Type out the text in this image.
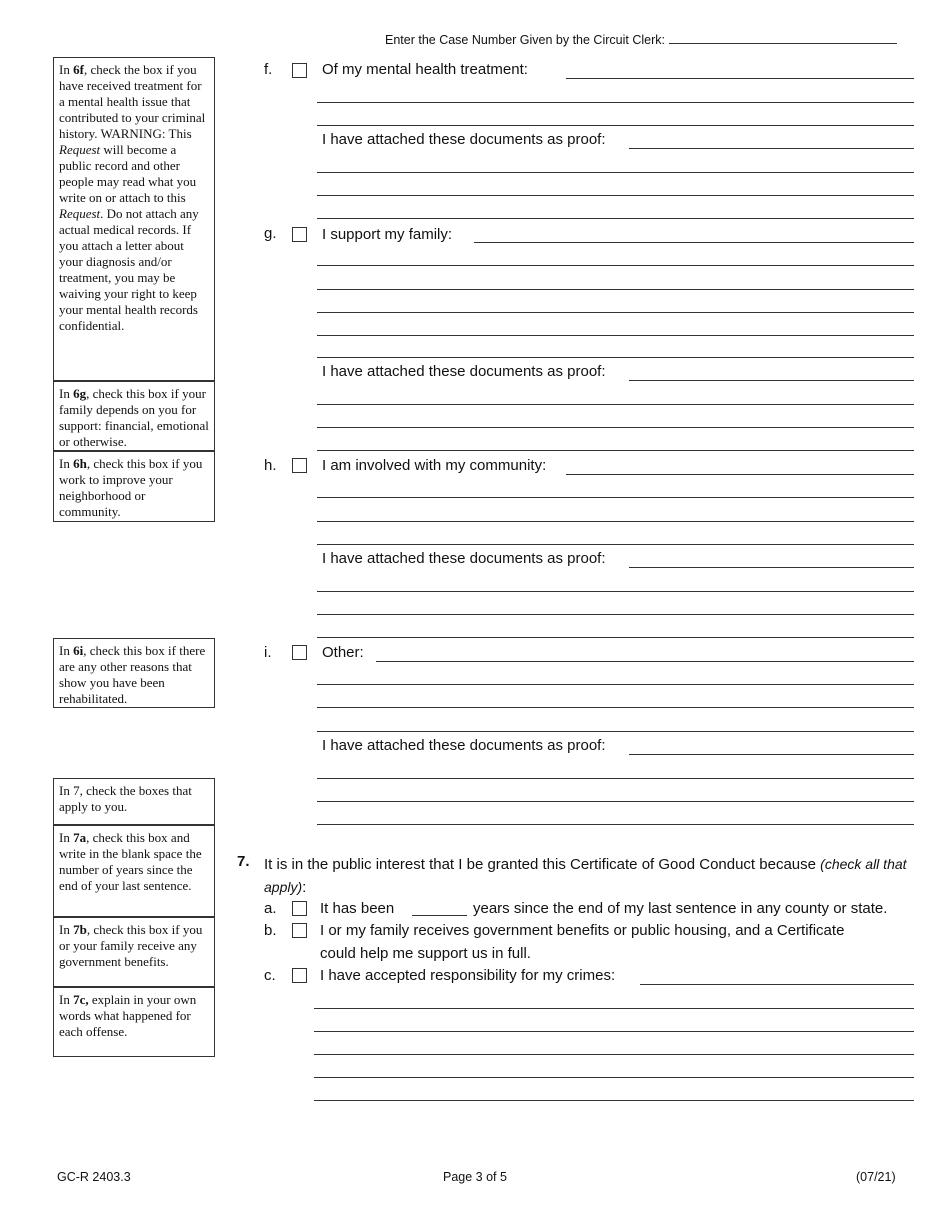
Enter the Case Number Given by the Circuit Clerk:
In 6f, check the box if you have received treatment for a mental health issue that contributed to your criminal history. WARNING: This Request will become a public record and other people may read what you write on or attach to this Request. Do not attach any actual medical records. If you attach a letter about your diagnosis and/or treatment, you may be waiving your right to keep your mental health records confidential.
In 6g, check this box if your family depends on you for support: financial, emotional or otherwise.
In 6h, check this box if you work to improve your neighborhood or community.
In 6i, check this box if there are any other reasons that show you have been rehabilitated.
In 7, check the boxes that apply to you.
In 7a, check this box and write in the blank space the number of years since the end of your last sentence.
In 7b, check this box if you or your family receive any government benefits.
In 7c, explain in your own words what happened for each offense.
f.	Of my mental health treatment:
I have attached these documents as proof:
g.	I support my family:
I have attached these documents as proof:
h.	I am involved with my community:
I have attached these documents as proof:
i.	Other:
I have attached these documents as proof:
7. It is in the public interest that I be granted this Certificate of Good Conduct because (check all that apply):
a.	It has been	years since the end of my last sentence in any county or state.
b.	I or my family receives government benefits or public housing, and a Certificate
could help me support us in full.
c.	I have accepted responsibility for my crimes:
GC-R 2403.3	Page 3 of 5	(07/21)
